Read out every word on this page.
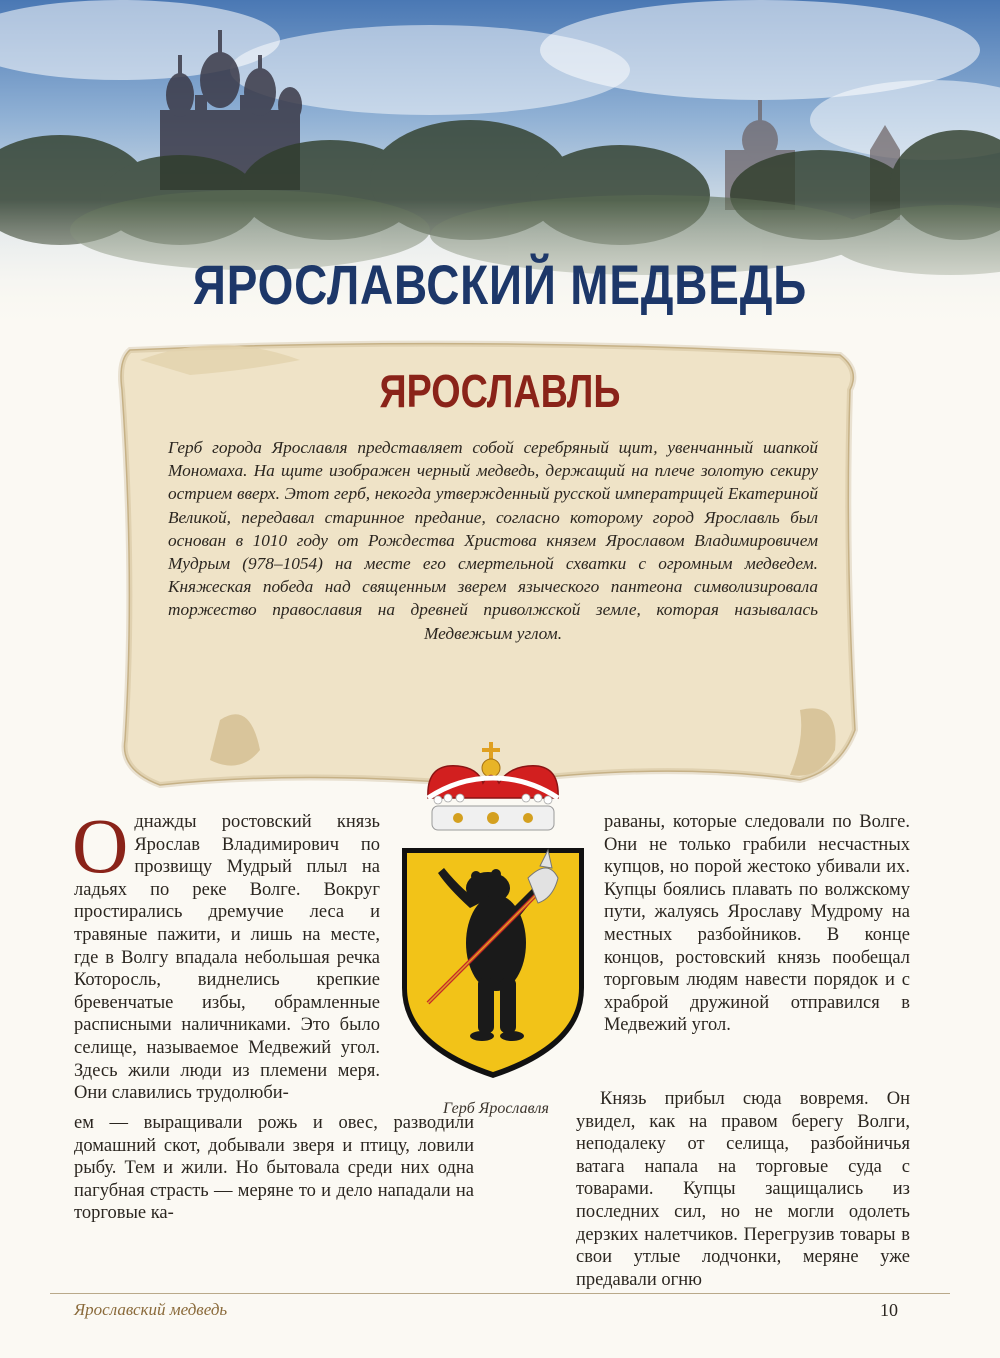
ЯРОСЛАВСКИЙ МЕДВЕДЬ
ЯРОСЛАВЛЬ

Герб города Ярославля представляет собой серебряный щит, увенчанный шапкой Мономаха. На щите изображен черный медведь, держащий на плече золотую секиру острием вверх. Этот герб, некогда утвержденный русской императрицей Екатериной Великой, передавал старинное предание, согласно которому город Ярославль был основан в 1010 году от Рождества Христова князем Ярославом Владимировичем Мудрым (978–1054) на месте его смертельной схватки с огромным медведем. Княжеская победа над священным зверем языческого пантеона символизировала торжество православия на древней приволжской земле, которая называлась Медвежьим углом.

Герб Ярославля
О днажды ростовский князь Ярослав Владимирович по прозвищу Мудрый плыл на ладьях по реке Волге. Вокруг простирались дремучие леса и травяные пажити, и лишь на месте, где в Волгу впадала небольшая речка Которосль, виднелись крепкие бревенчатые избы, обрамленные расписными наличниками. Это было селище, называемое Медвежий угол. Здесь жили люди из племени меря. Они славились трудолюби-

ем — выращивали рожь и овес, разводили домашний скот, добывали зверя и птицу, ловили рыбу. Тем и жили. Но бытовала среди них одна пагубная страсть — меряне то и дело нападали на торговые ка-

раваны, которые следовали по Волге. Они не только грабили несчастных купцов, но порой жестоко убивали их. Купцы боялись плавать по волжскому пути, жалуясь Ярославу Мудрому на местных разбойников. В конце концов, ростовский князь пообещал торговым людям навести порядок и с храброй дружиной отправился в Медвежий угол.

Князь прибыл сюда вовремя. Он увидел, как на правом берегу Волги, неподалеку от селища, разбойничья ватага напала на торговые суда с товарами. Купцы защищались из последних сил, но не могли одолеть дерзких налетчиков. Перегрузив товары в свои утлые лодчонки, меряне уже предавали огню

Ярославский медведь	10
